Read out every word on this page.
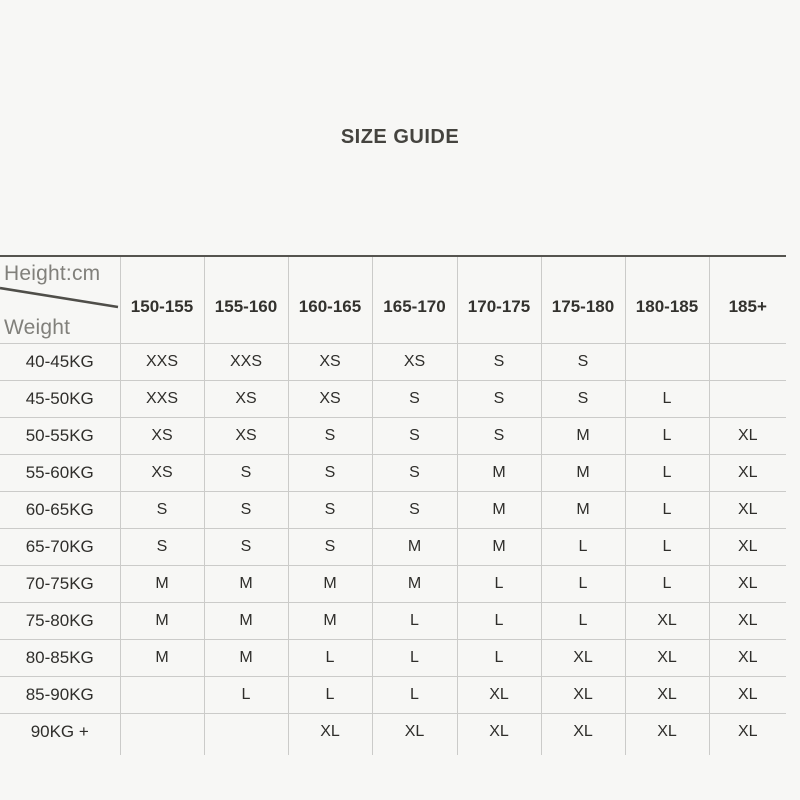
SIZE GUIDE
Height:cm
Weight	150-155	155-160	160-165	165-170	170-175	175-180	180-185	185+
40-45KG	XXS	XXS	XS	XS	S	S		
45-50KG	XXS	XS	XS	S	S	S	L	
50-55KG	XS	XS	S	S	S	M	L	XL
55-60KG	XS	S	S	S	M	M	L	XL
60-65KG	S	S	S	S	M	M	L	XL
65-70KG	S	S	S	M	M	L	L	XL
70-75KG	M	M	M	M	L	L	L	XL
75-80KG	M	M	M	L	L	L	XL	XL
80-85KG	M	M	L	L	L	XL	XL	XL
85-90KG		L	L	L	XL	XL	XL	XL
90KG +			XL	XL	XL	XL	XL	XL
